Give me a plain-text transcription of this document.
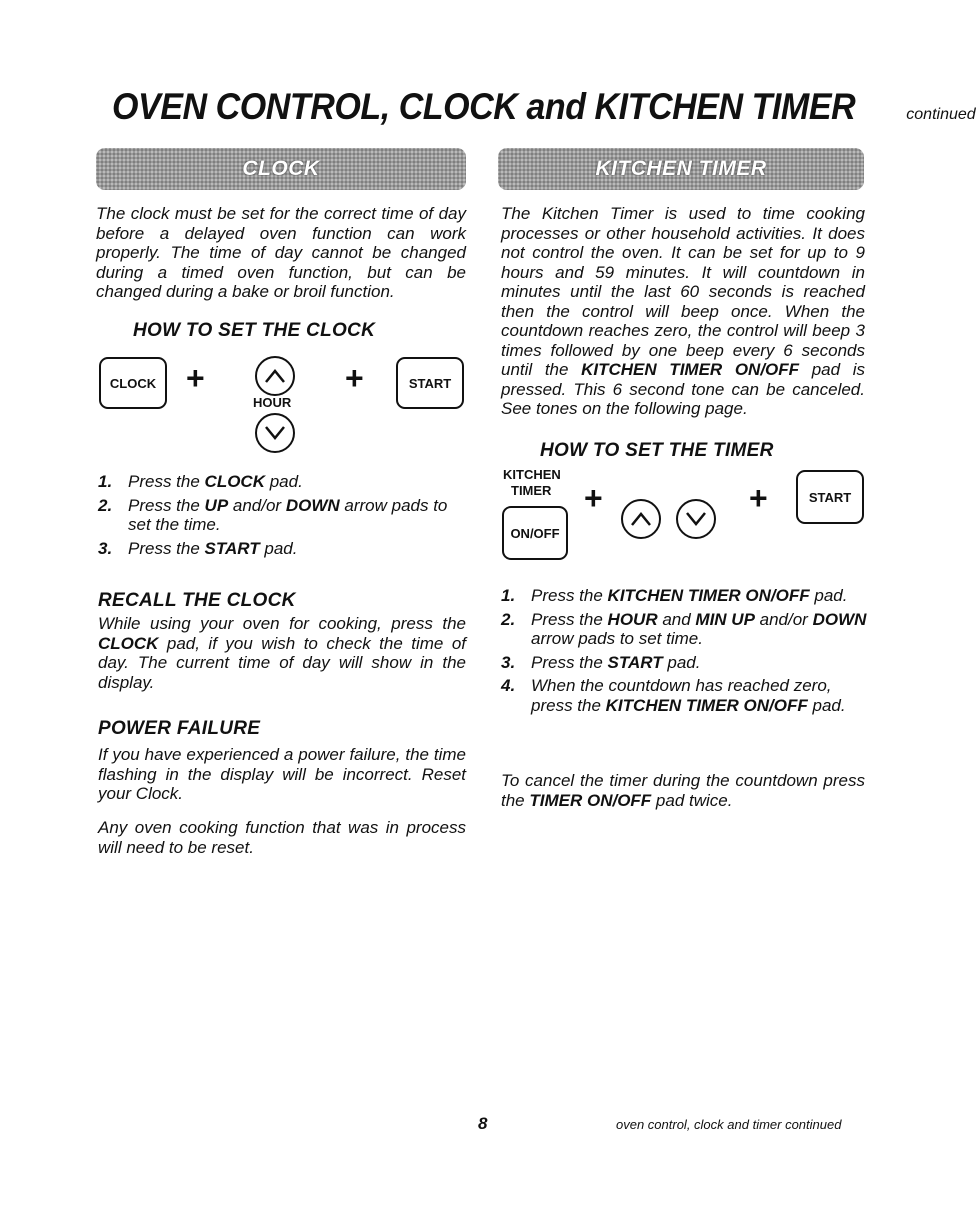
OVEN CONTROL, CLOCK and KITCHEN TIMER	continued
CLOCK
The clock must be set for the correct time of day before a delayed oven function can work properly. The time of day cannot be changed during a timed oven function, but can be changed during a bake or broil function.
HOW TO SET THE CLOCK
CLOCK +
HOUR
+	START
1. Press the CLOCK pad.
2. Press the UP and/or DOWN arrow pads to set the time.
3. Press the START pad.
RECALL THE CLOCK
While using your oven for cooking, press the CLOCK pad, if you wish to check the time of day. The current time of day will show in the display.
POWER FAILURE
If you have experienced a power failure, the time flashing in the display will be incorrect. Reset your Clock.
Any oven cooking function that was in process will need to be reset.
KITCHEN TIMER
The Kitchen Timer is used to time cooking processes or other household activities. It does not control the oven. It can be set for up to 9 hours and 59 minutes. It will countdown in minutes until the last 60 seconds is reached then the control will beep once. When the countdown reaches zero, the control will beep 3 times followed by one beep every 6 seconds until the KITCHEN TIMER ON/OFF pad is pressed. This 6 second tone can be canceled. See tones on the following page.
HOW TO SET THE TIMER
KITCHEN
TIMER
ON/OFF
+	+	START
1. Press the KITCHEN TIMER ON/OFF pad.
2. Press the HOUR and MIN UP and/or DOWN arrow pads to set time.
3. Press the START pad.
4. When the countdown has reached zero, press the KITCHEN TIMER ON/OFF pad.
To cancel the timer during the countdown press the TIMER ON/OFF pad twice.
8	oven control, clock and timer continued
